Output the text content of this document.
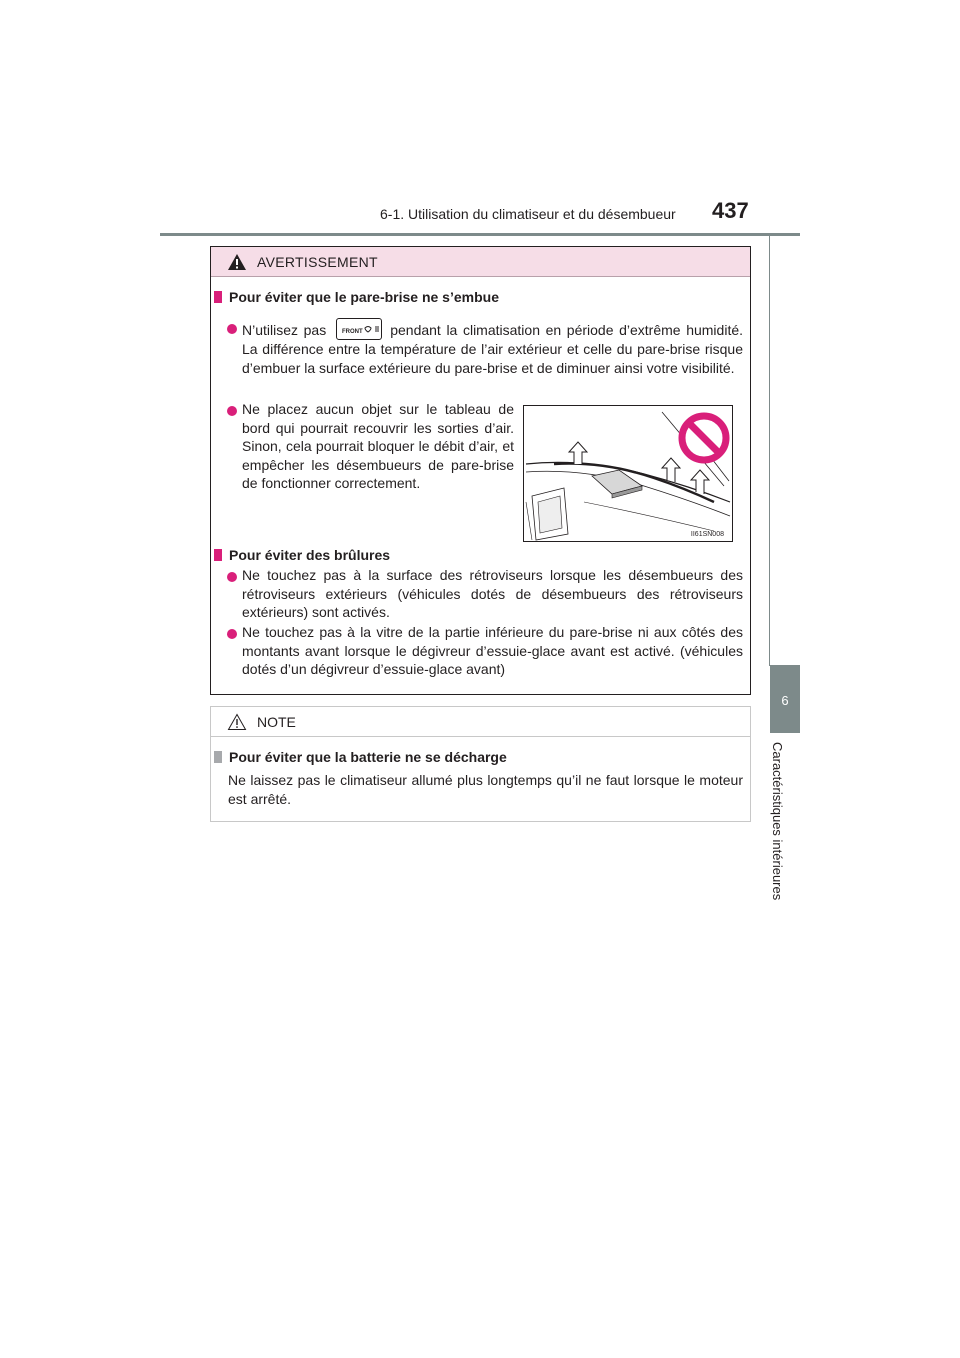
6-1. Utilisation du climatiseur et du désembueur 437
6
Caractéristiques intérieures
AVERTISSEMENT
Pour éviter que le pare-brise ne s’embue
N’utilisez pas	FRONT pendant la climatisation en période d’extrême humidité. La différence entre la température de l’air extérieur et celle du pare-brise risque d’embuer la surface extérieure du pare-brise et de diminuer ainsi votre visibilité.
Ne placez aucun objet sur le tableau de bord qui pourrait recouvrir les sorties d’air. Sinon, cela pourrait bloquer le débit d’air, et empêcher les désembueurs de pare-brise de fonctionner correctement.
II61SN008
Pour éviter des brûlures
Ne touchez pas à la surface des rétroviseurs lorsque les désembueurs des rétroviseurs extérieurs (véhicules dotés de désembueurs des rétroviseurs extérieurs) sont activés.
Ne touchez pas à la vitre de la partie inférieure du pare-brise ni aux côtés des montants avant lorsque le dégivreur d’essuie-glace avant est activé. (véhicules dotés d’un dégivreur d’essuie-glace avant)
NOTE
Pour éviter que la batterie ne se décharge
Ne laissez pas le climatiseur allumé plus longtemps qu’il ne faut lorsque le moteur est arrêté.
